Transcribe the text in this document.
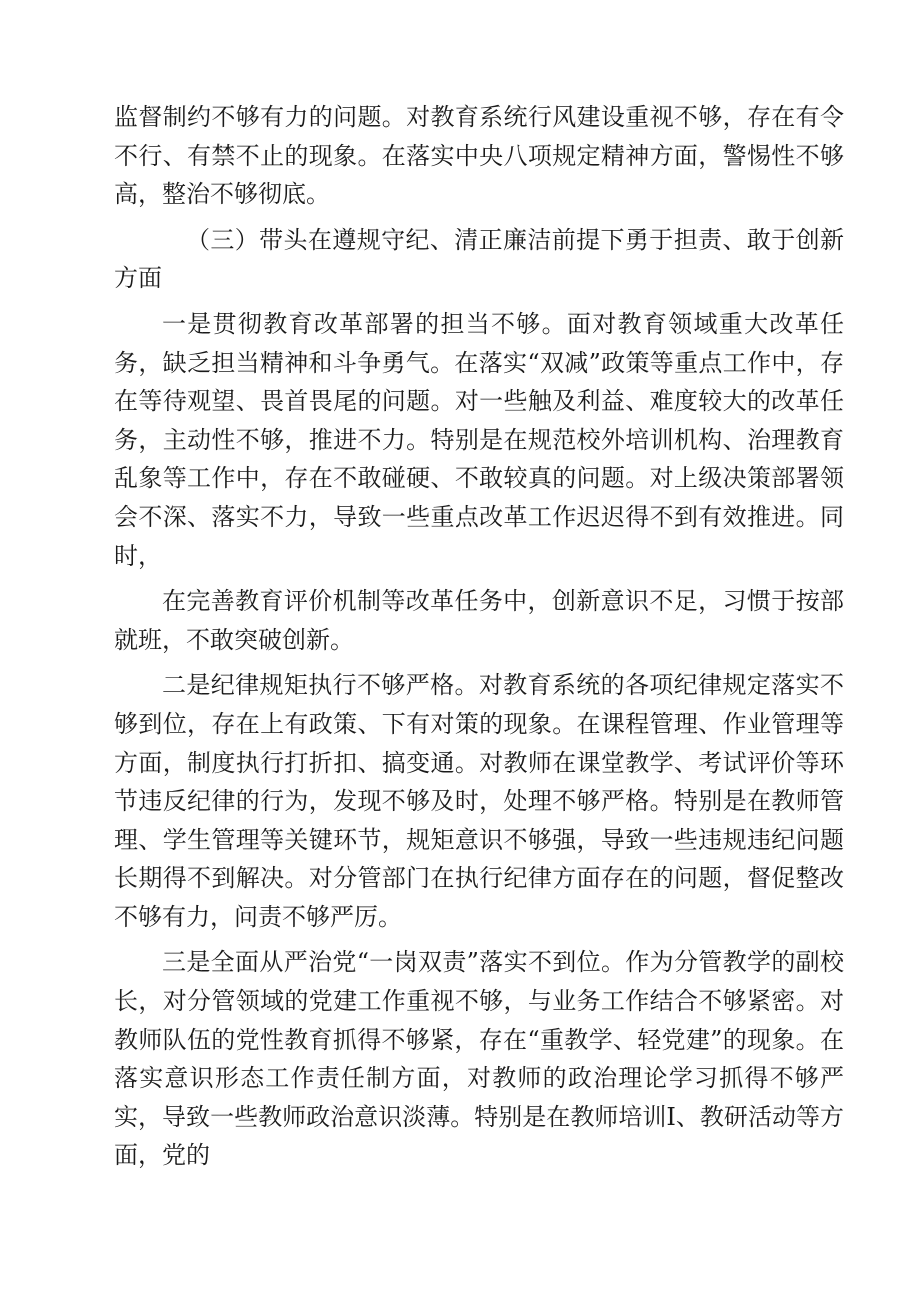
监督制约不够有力的问题。对教育系统行风建设重视不够，存在有令不行、有禁不止的现象。在落实中央八项规定精神方面，警惕性不够高，整治不够彻底。

（三）带头在遵规守纪、清正廉洁前提下勇于担责、敢于创新方面

一是贯彻教育改革部署的担当不够。面对教育领域重大改革任务，缺乏担当精神和斗争勇气。在落实“双减”政策等重点工作中，存在等待观望、畏首畏尾的问题。对一些触及利益、难度较大的改革任务，主动性不够，推进不力。特别是在规范校外培训机构、治理教育乱象等工作中，存在不敢碰硬、不敢较真的问题。对上级决策部署领会不深、落实不力，导致一些重点改革工作迟迟得不到有效推进。同时，

在完善教育评价机制等改革任务中，创新意识不足，习惯于按部就班，不敢突破创新。

二是纪律规矩执行不够严格。对教育系统的各项纪律规定落实不够到位，存在上有政策、下有对策的现象。在课程管理、作业管理等方面，制度执行打折扣、搞变通。对教师在课堂教学、考试评价等环节违反纪律的行为，发现不够及时，处理不够严格。特别是在教师管理、学生管理等关键环节，规矩意识不够强，导致一些违规违纪问题长期得不到解决。对分管部门在执行纪律方面存在的问题，督促整改不够有力，问责不够严厉。

三是全面从严治党“一岗双责”落实不到位。作为分管教学的副校长，对分管领域的党建工作重视不够，与业务工作结合不够紧密。对教师队伍的党性教育抓得不够紧，存在“重教学、轻党建”的现象。在落实意识形态工作责任制方面，对教师的政治理论学习抓得不够严实，导致一些教师政治意识淡薄。特别是在教师培训I、教研活动等方面，党的
